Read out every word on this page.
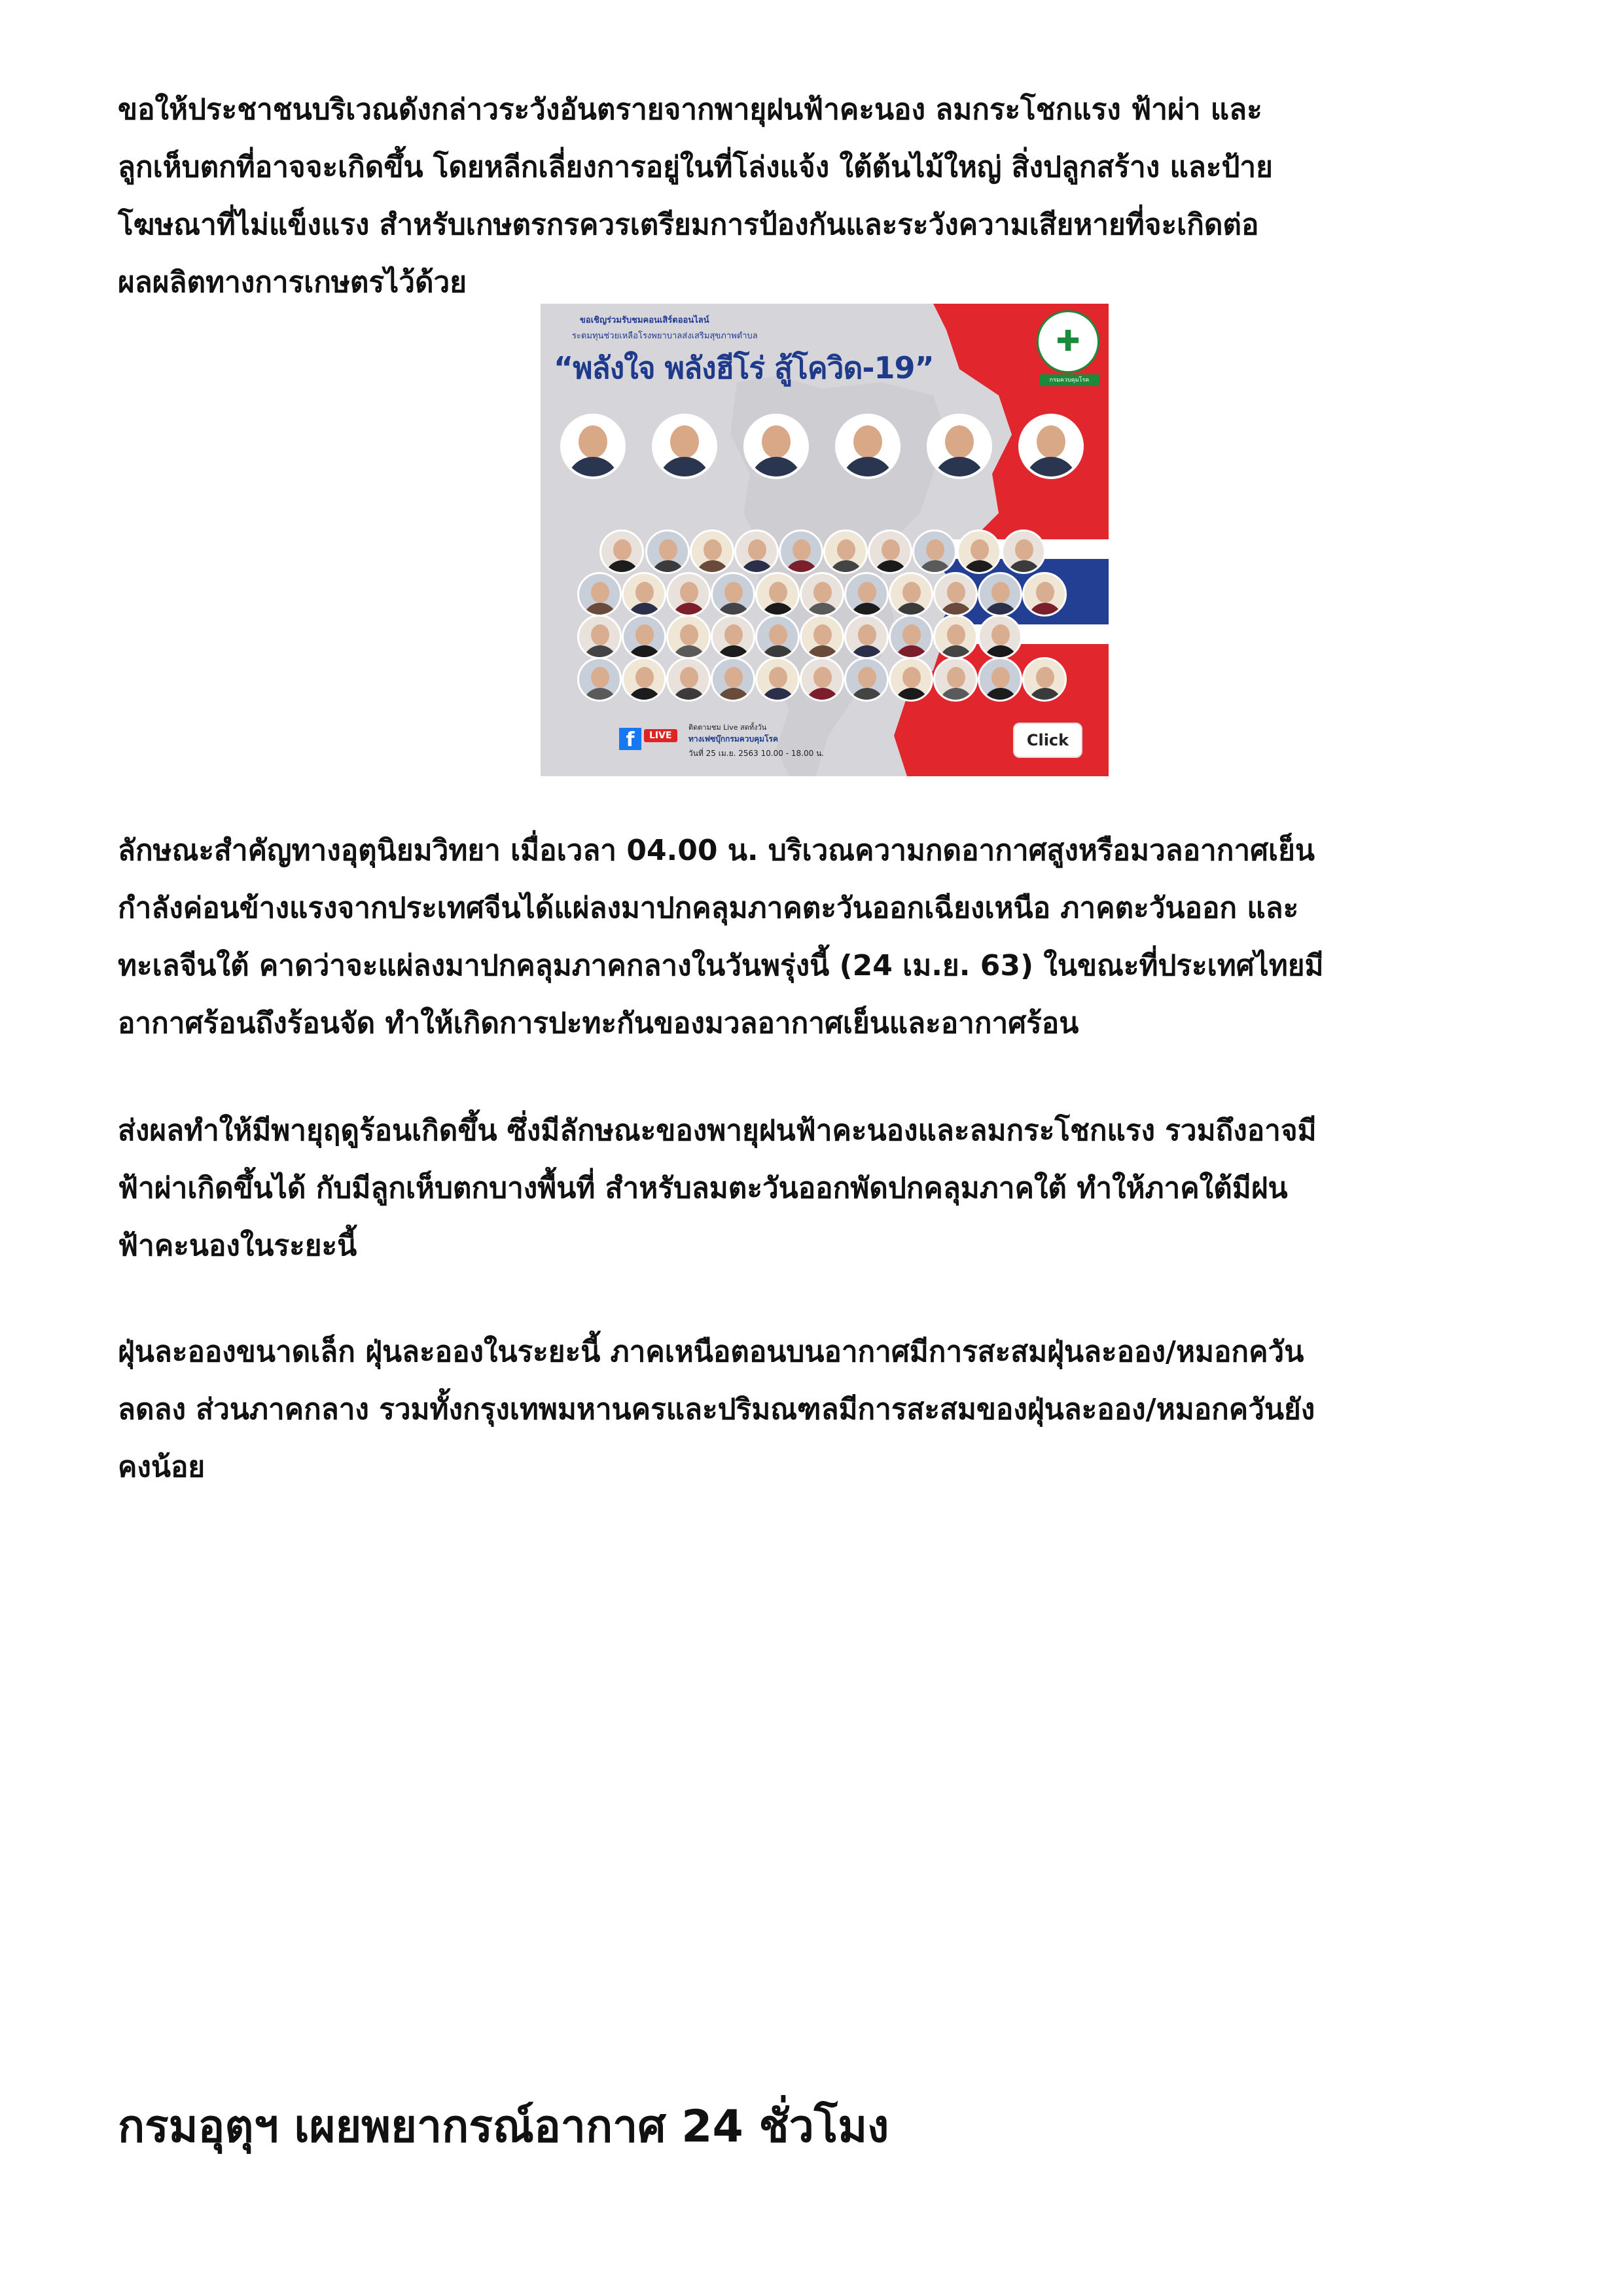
ขอให้ประชาชนบริเวณดังกล่าวระวังอันตรายจากพายุฝนฟ้าคะนอง ลมกระโชกแรง ฟ้าผ่า และ
ลูกเห็บตกที่อาจจะเกิดขึ้น โดยหลีกเลี่ยงการอยู่ในที่โล่งแจ้ง ใต้ต้นไม้ใหญ่ สิ่งปลูกสร้าง และป้าย
โฆษณาที่ไม่แข็งแรง สำหรับเกษตรกรควรเตรียมการป้องกันและระวังความเสียหายที่จะเกิดต่อ
ผลผลิตทางการเกษตรไว้ด้วย

ขอเชิญร่วมรับชมคอนเสิร์ตออนไลน์
ระดมทุนช่วยเหลือโรงพยาบาลส่งเสริมสุขภาพตำบล
“พลังใจ พลังฮีโร่ สู้โควิด-19”
✚
กรมควบคุมโรค
f	LIVE
ติดตามชม Live สดทั้งวัน
ทางเฟซบุ๊กกรมควบคุมโรค
วันที่ 25 เม.ย. 2563 10.00 - 18.00 น.
Click

ลักษณะสำคัญทางอุตุนิยมวิทยา เมื่อเวลา 04.00 น. บริเวณความกดอากาศสูงหรือมวลอากาศเย็น
กำลังค่อนข้างแรงจากประเทศจีนได้แผ่ลงมาปกคลุมภาคตะวันออกเฉียงเหนือ ภาคตะวันออก และ
ทะเลจีนใต้ คาดว่าจะแผ่ลงมาปกคลุมภาคกลางในวันพรุ่งนี้ (24 เม.ย. 63) ในขณะที่ประเทศไทยมี
อากาศร้อนถึงร้อนจัด ทำให้เกิดการปะทะกันของมวลอากาศเย็นและอากาศร้อน

ส่งผลทำให้มีพายุฤดูร้อนเกิดขึ้น ซึ่งมีลักษณะของพายุฝนฟ้าคะนองและลมกระโชกแรง รวมถึงอาจมี
ฟ้าผ่าเกิดขึ้นได้ กับมีลูกเห็บตกบางพื้นที่ สำหรับลมตะวันออกพัดปกคลุมภาคใต้ ทำให้ภาคใต้มีฝน
ฟ้าคะนองในระยะนี้

ฝุ่นละอองขนาดเล็ก ฝุ่นละอองในระยะนี้ ภาคเหนือตอนบนอากาศมีการสะสมฝุ่นละออง/หมอกควัน
ลดลง ส่วนภาคกลาง รวมทั้งกรุงเทพมหานครและปริมณฑลมีการสะสมของฝุ่นละออง/หมอกควันยัง
คงน้อย

กรมอุตุฯ เผยพยากรณ์อากาศ 24 ชั่วโมง
